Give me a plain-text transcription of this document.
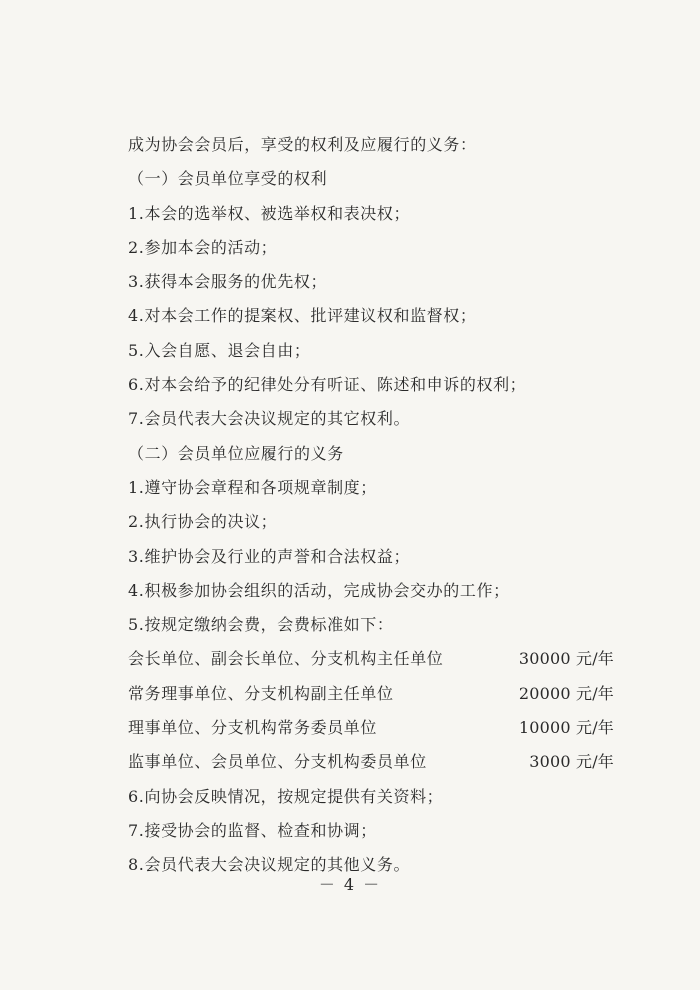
成为协会会员后，享受的权利及应履行的义务：
（一）会员单位享受的权利
1.本会的选举权、被选举权和表决权；
2.参加本会的活动；
3.获得本会服务的优先权；
4.对本会工作的提案权、批评建议权和监督权；
5.入会自愿、退会自由；
6.对本会给予的纪律处分有听证、陈述和申诉的权利；
7.会员代表大会决议规定的其它权利。
（二）会员单位应履行的义务
1.遵守协会章程和各项规章制度；
2.执行协会的决议；
3.维护协会及行业的声誉和合法权益；
4.积极参加协会组织的活动，完成协会交办的工作；
5.按规定缴纳会费，会费标准如下：
会长单位、副会长单位、分支机构主任单位	30000 元/年
常务理事单位、分支机构副主任单位	20000 元/年
理事单位、分支机构常务委员单位	10000 元/年
监事单位、会员单位、分支机构委员单位	3000 元/年
6.向协会反映情况，按规定提供有关资料；
7.接受协会的监督、检查和协调；
8.会员代表大会决议规定的其他义务。
－ 4 －
